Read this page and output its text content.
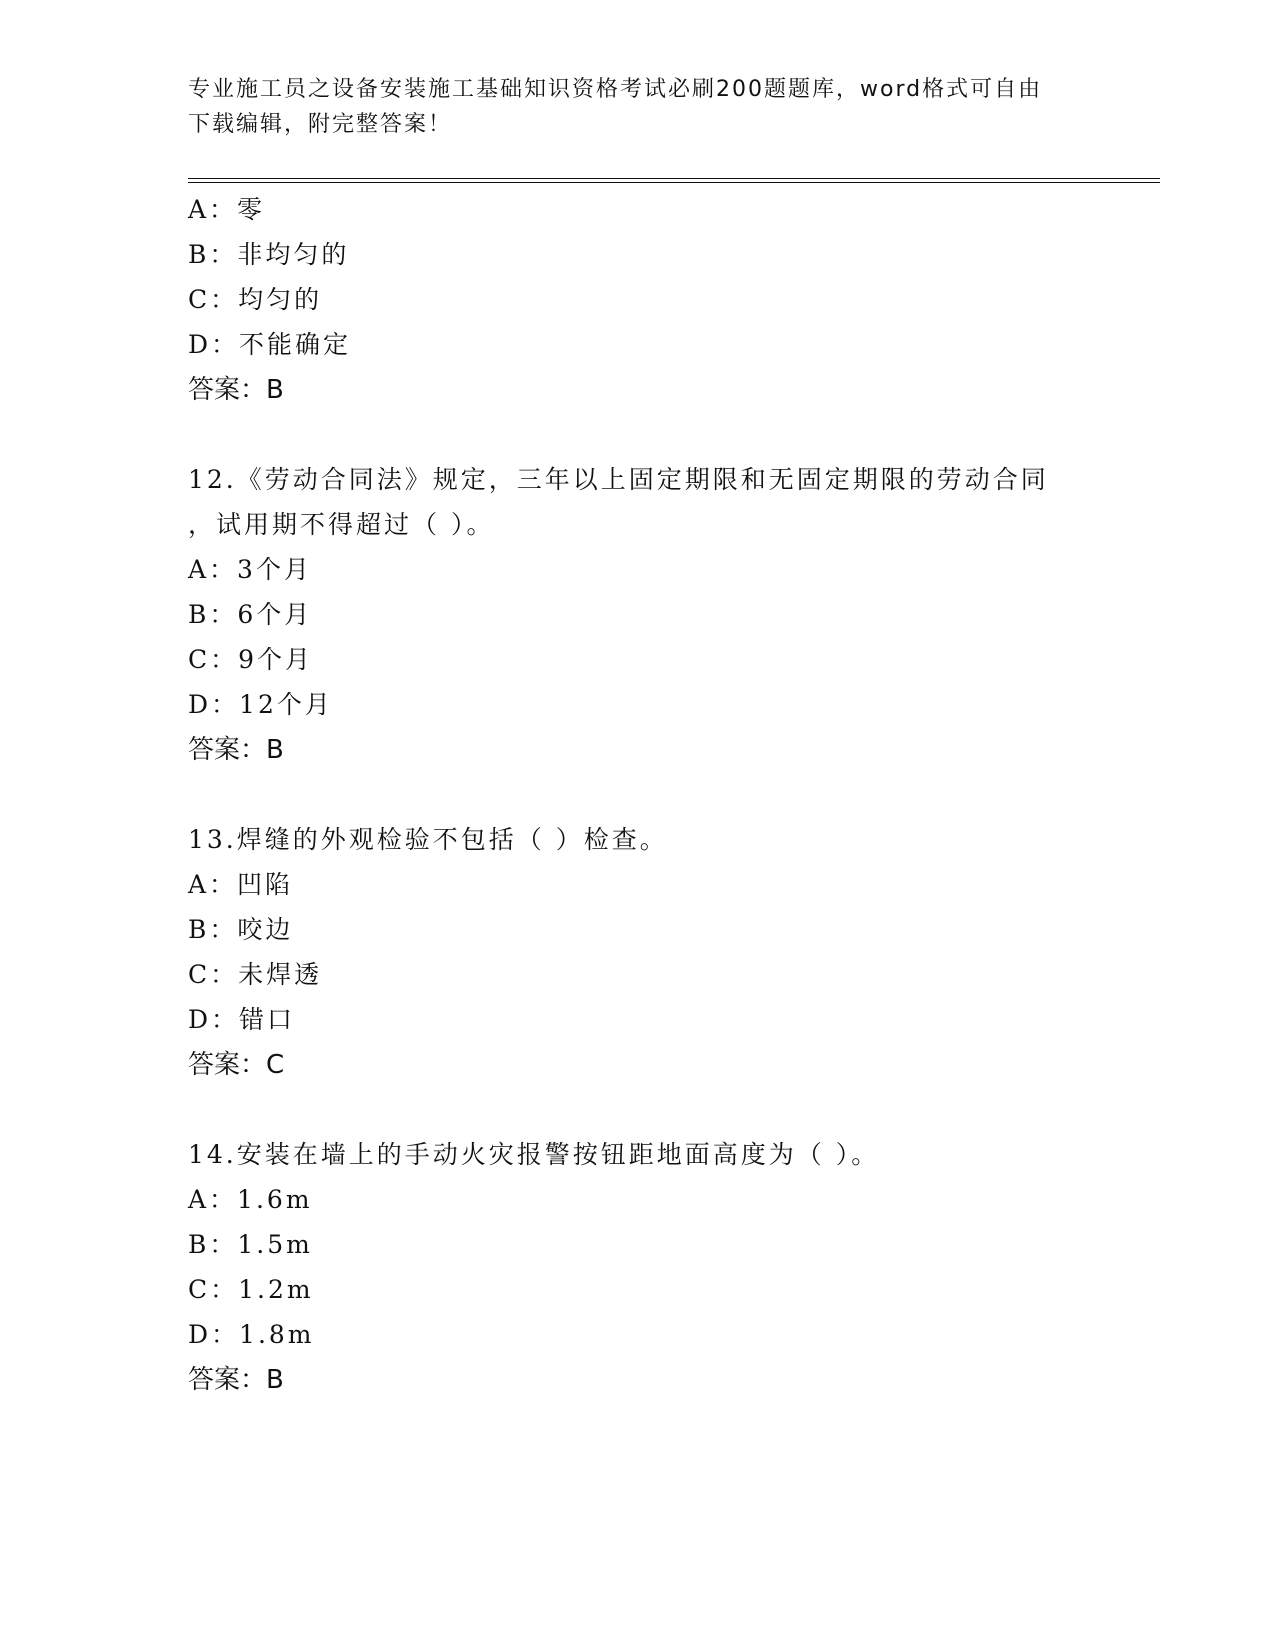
专业施工员之设备安装施工基础知识资格考试必刷200题题库，word格式可自由
下载编辑，附完整答案！
A：零
B：非均匀的
C：均匀的
D：不能确定
答案：B
12.《劳动合同法》规定，三年以上固定期限和无固定期限的劳动合同
，试用期不得超过（ ）。
A：3个月
B：6个月
C：9个月
D：12个月
答案：B
13.焊缝的外观检验不包括（ ）检查。
A：凹陷
B：咬边
C：未焊透
D：错口
答案：C
14.安装在墙上的手动火灾报警按钮距地面高度为（ ）。
A：1.6m
B：1.5m
C：1.2m
D：1.8m
答案：B
